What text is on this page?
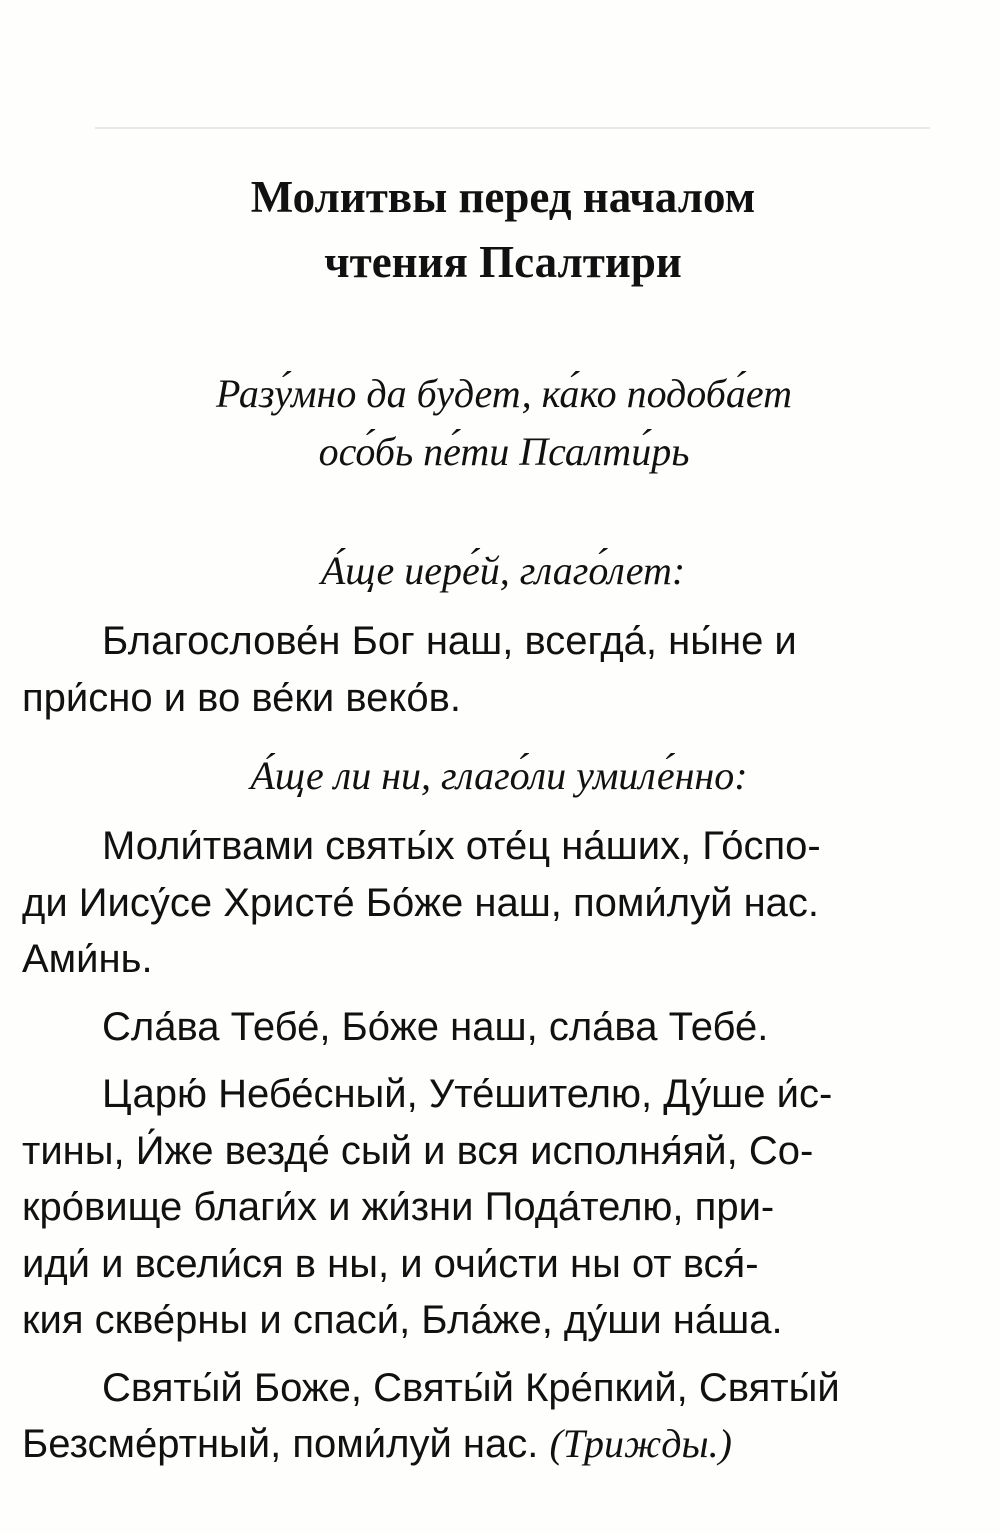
Молитвы перед началом
чтения Псалтири
Разу́мно да будет, ка́ко подоба́ет
осо́бь пе́ти Псалти́рь
А́ще иере́й, глаго́лет:

Благослове́н Бог наш, всегда́, ны́не и
при́сно и во ве́ки веко́в.

А́ще ли ни, глаго́ли умиле́нно:

Моли́твами святы́х оте́ц на́ших, Го́спо-
ди Иису́се Христе́ Бо́же наш, поми́луй нас.
Ами́нь.

Сла́ва Тебе́, Бо́же наш, сла́ва Тебе́.

Царю́ Небе́сный, Уте́шителю, Ду́ше и́с-
тины, И́же везде́ сый и вся исполня́яй, Со-
кро́вище благи́х и жи́зни Пода́телю, при-
иди́ и всели́ся в ны, и очи́сти ны от вся́-
кия скве́рны и спаси́, Бла́же, ду́ши на́ша.

Святы́й Боже, Святы́й Кре́пкий, Святы́й
Безсме́ртный, поми́луй нас. (Трижды.)
